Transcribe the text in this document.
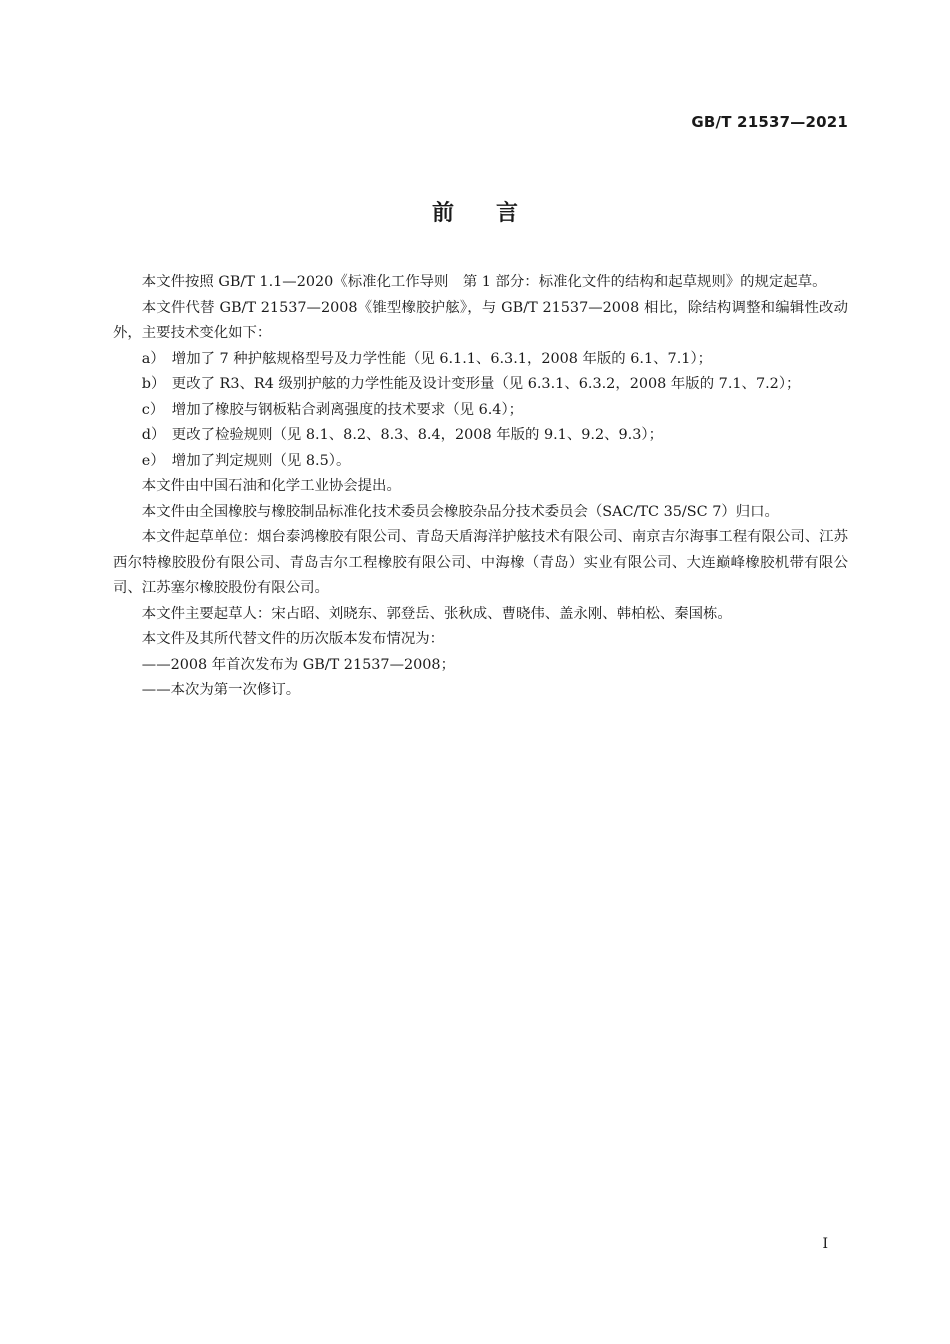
GB/T 21537—2021
前言

本文件按照 GB/T 1.1—2020《标准化工作导则　第 1 部分：标准化文件的结构和起草规则》的规定起草。

本文件代替 GB/T 21537—2008《锥型橡胶护舷》，与 GB/T 21537—2008 相比，除结构调整和编辑性改动外，主要技术变化如下：

a） 增加了 7 种护舷规格型号及力学性能（见 6.1.1、6.3.1，2008 年版的 6.1、7.1）；

b） 更改了 R3、R4 级别护舷的力学性能及设计变形量（见 6.3.1、6.3.2，2008 年版的 7.1、7.2）；

c） 增加了橡胶与钢板粘合剥离强度的技术要求（见 6.4）；

d） 更改了检验规则（见 8.1、8.2、8.3、8.4，2008 年版的 9.1、9.2、9.3）；

e） 增加了判定规则（见 8.5）。

本文件由中国石油和化学工业协会提出。

本文件由全国橡胶与橡胶制品标准化技术委员会橡胶杂品分技术委员会（SAC/TC 35/SC 7）归口。

本文件起草单位：烟台泰鸿橡胶有限公司、青岛天盾海洋护舷技术有限公司、南京吉尔海事工程有限公司、江苏西尔特橡胶股份有限公司、青岛吉尔工程橡胶有限公司、中海橡（青岛）实业有限公司、大连巅峰橡胶机带有限公司、江苏塞尔橡胶股份有限公司。

本文件主要起草人：宋占昭、刘晓东、郭登岳、张秋成、曹晓伟、盖永刚、韩柏松、秦国栋。

本文件及其所代替文件的历次版本发布情况为：

——2008 年首次发布为 GB/T 21537—2008；

——本次为第一次修订。

I
